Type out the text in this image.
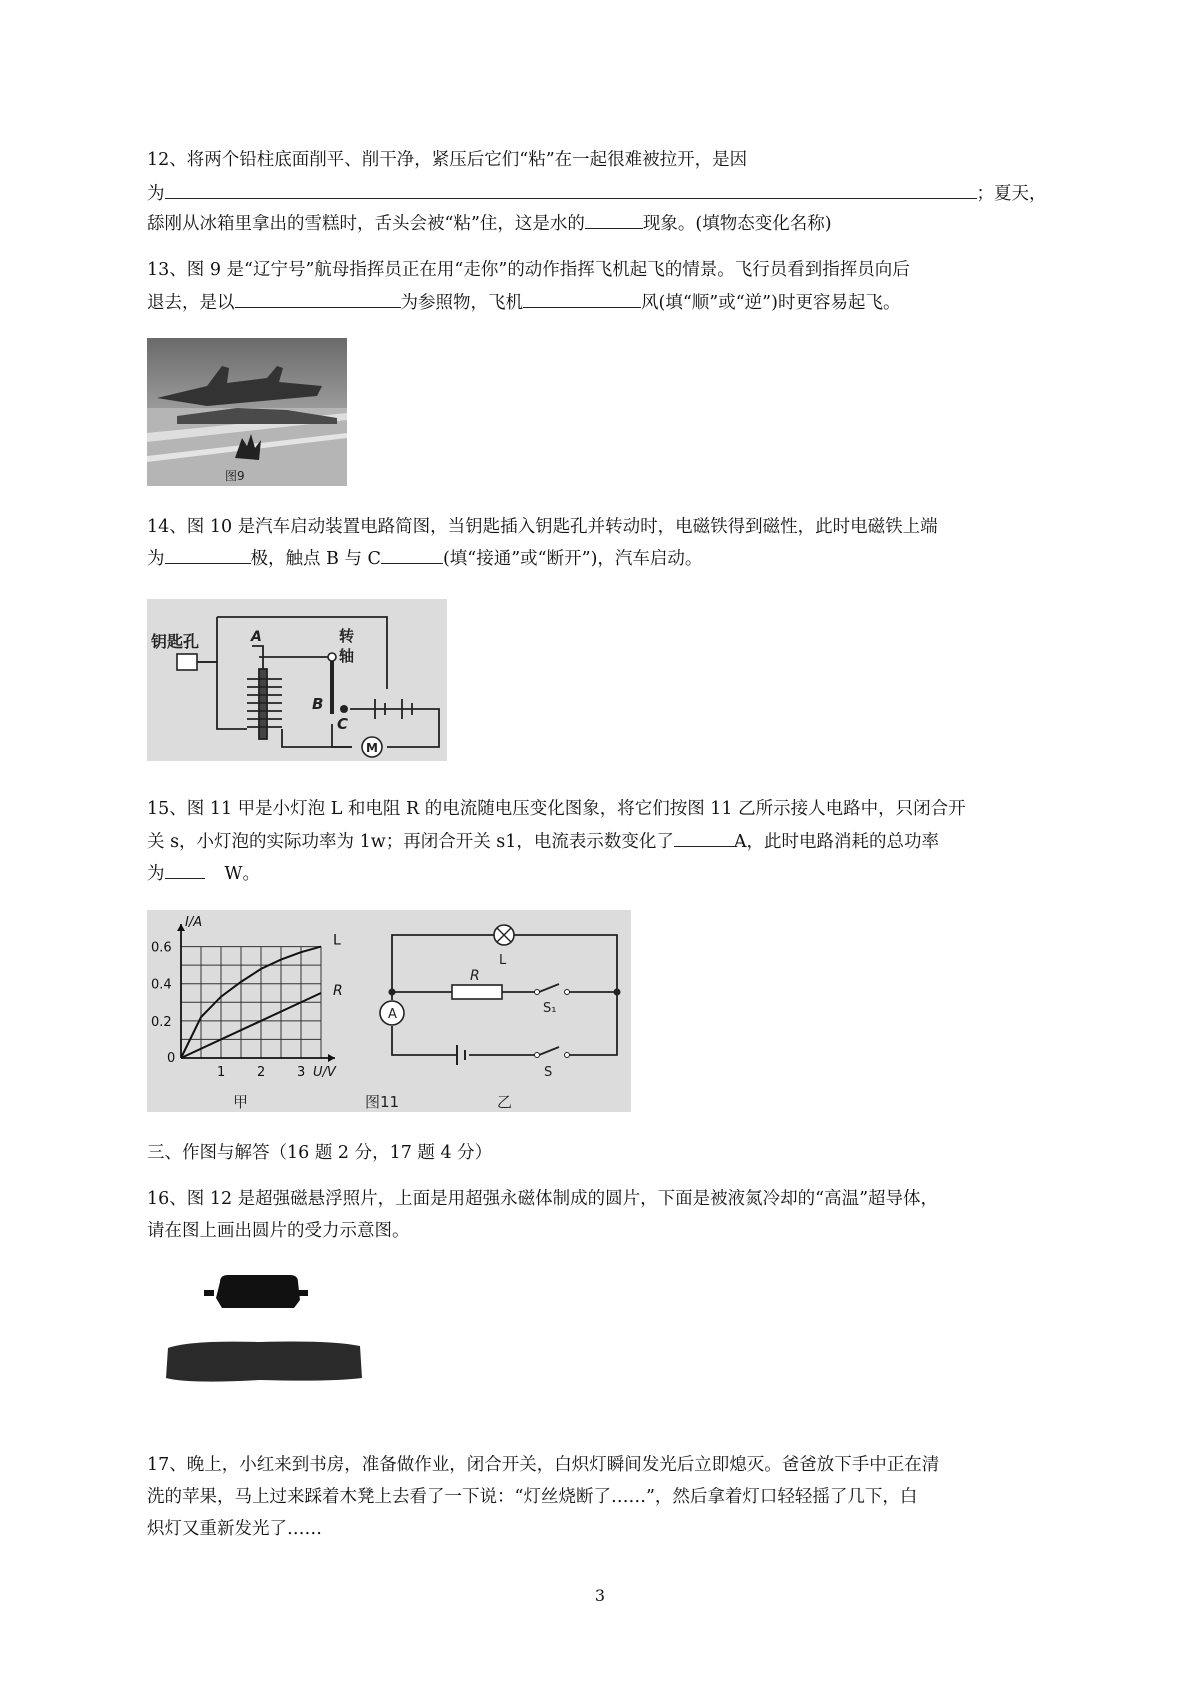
12、将两个铅柱底面削平、削干净，紧压后它们“粘”在一起很难被拉开，是因
为	；夏天，
舔刚从冰箱里拿出的雪糕时，舌头会被“粘”住，这是水的	现象。(填物态变化名称)
13、图 9 是“辽宁号”航母指挥员正在用“走你”的动作指挥飞机起飞的情景。飞行员看到指挥员向后
退去，是以	为参照物，飞机	风(填“顺”或“逆”)时更容易起飞。
图9
14、图 10 是汽车启动装置电路简图，当钥匙插入钥匙孔并转动时，电磁铁得到磁性，此时电磁铁上端
为	极，触点 B 与 C	(填“接通”或“断开”)，汽车启动。
钥匙孔	A	转
轴
B
C
M
15、图 11 甲是小灯泡 L 和电阻 R 的电流随电压变化图象，将它们按图 11 乙所示接人电路中，只闭合开
关 s，小灯泡的实际功率为 1w；再闭合开关 s1，电流表示数变化了	A，此时电路消耗的总功率
为	W。
0.2
0.4
0.6
0
1 2 3
I/A
U/V
L
R
A
R
L
S₁
S
甲	图11	乙
三、作图与解答（16 题 2 分，17 题 4 分）
16、图 12 是超强磁悬浮照片，上面是用超强永磁体制成的圆片，下面是被液氮冷却的“高温”超导体，
请在图上画出圆片的受力示意图。
17、晚上，小红来到书房，准备做作业，闭合开关，白炽灯瞬间发光后立即熄灭。爸爸放下手中正在清
洗的苹果，马上过来踩着木凳上去看了一下说：“灯丝烧断了……”，然后拿着灯口轻轻摇了几下，白
炽灯又重新发光了……
3
